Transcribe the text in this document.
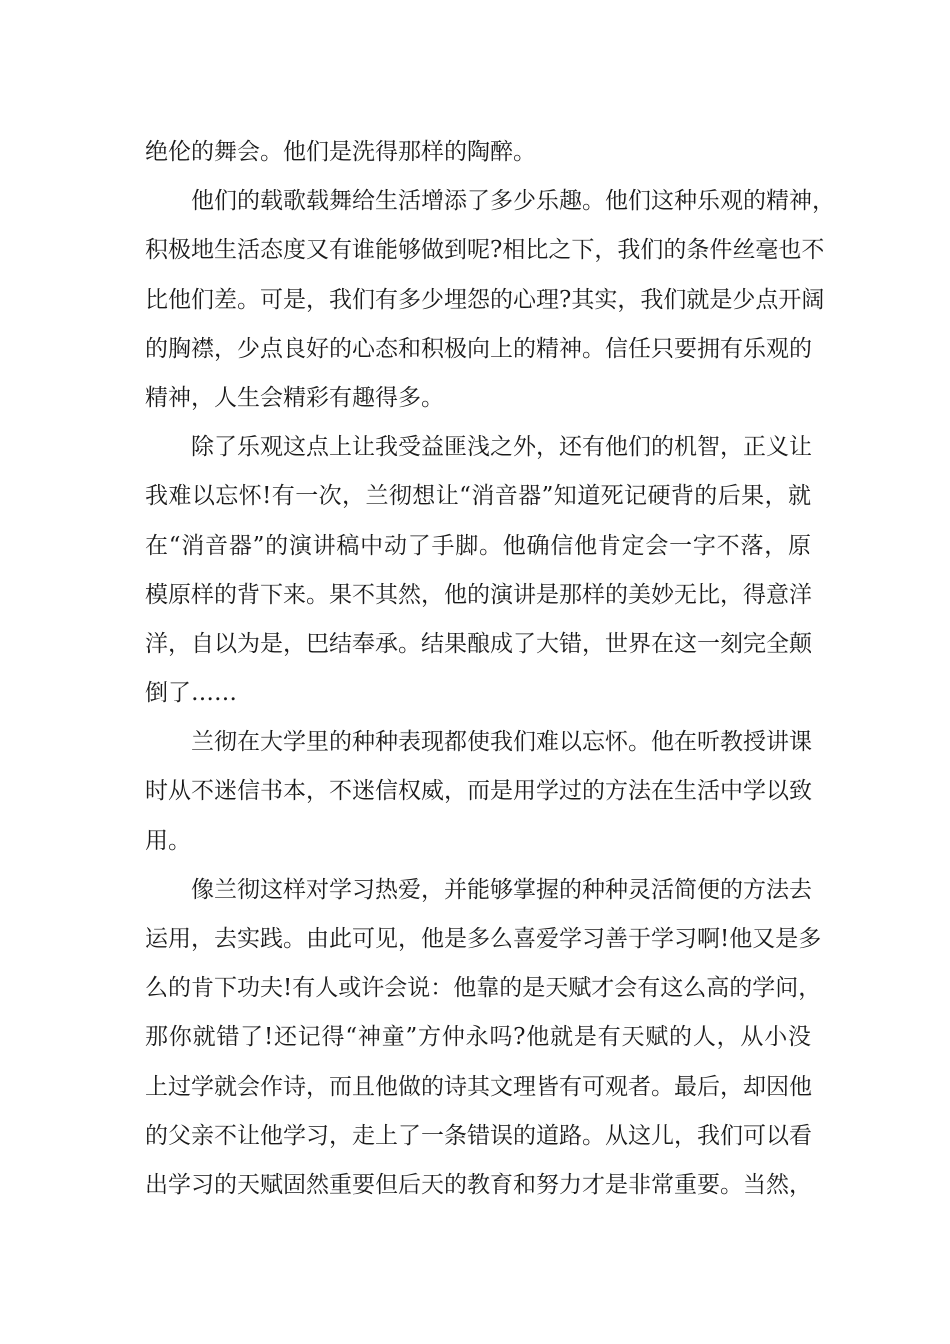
绝伦的舞会。他们是洗得那样的陶醉。
他们的载歌载舞给生活增添了多少乐趣。他们这种乐观的精神，
积极地生活态度又有谁能够做到呢?相比之下，我们的条件丝毫也不
比他们差。可是，我们有多少埋怨的心理?其实，我们就是少点开阔
的胸襟，少点良好的心态和积极向上的精神。信任只要拥有乐观的
精神，人生会精彩有趣得多。
除了乐观这点上让我受益匪浅之外，还有他们的机智，正义让
我难以忘怀!有一次，兰彻想让“消音器”知道死记硬背的后果，就
在“消音器”的演讲稿中动了手脚。他确信他肯定会一字不落，原
模原样的背下来。果不其然，他的演讲是那样的美妙无比，得意洋
洋，自以为是，巴结奉承。结果酿成了大错，世界在这一刻完全颠
倒了……
兰彻在大学里的种种表现都使我们难以忘怀。他在听教授讲课
时从不迷信书本，不迷信权威，而是用学过的方法在生活中学以致
用。
像兰彻这样对学习热爱，并能够掌握的种种灵活简便的方法去
运用，去实践。由此可见，他是多么喜爱学习善于学习啊!他又是多
么的肯下功夫!有人或许会说：他靠的是天赋才会有这么高的学问，
那你就错了!还记得“神童”方仲永吗?他就是有天赋的人，从小没
上过学就会作诗，而且他做的诗其文理皆有可观者。最后，却因他
的父亲不让他学习，走上了一条错误的道路。从这儿，我们可以看
出学习的天赋固然重要但后天的教育和努力才是非常重要。当然，
